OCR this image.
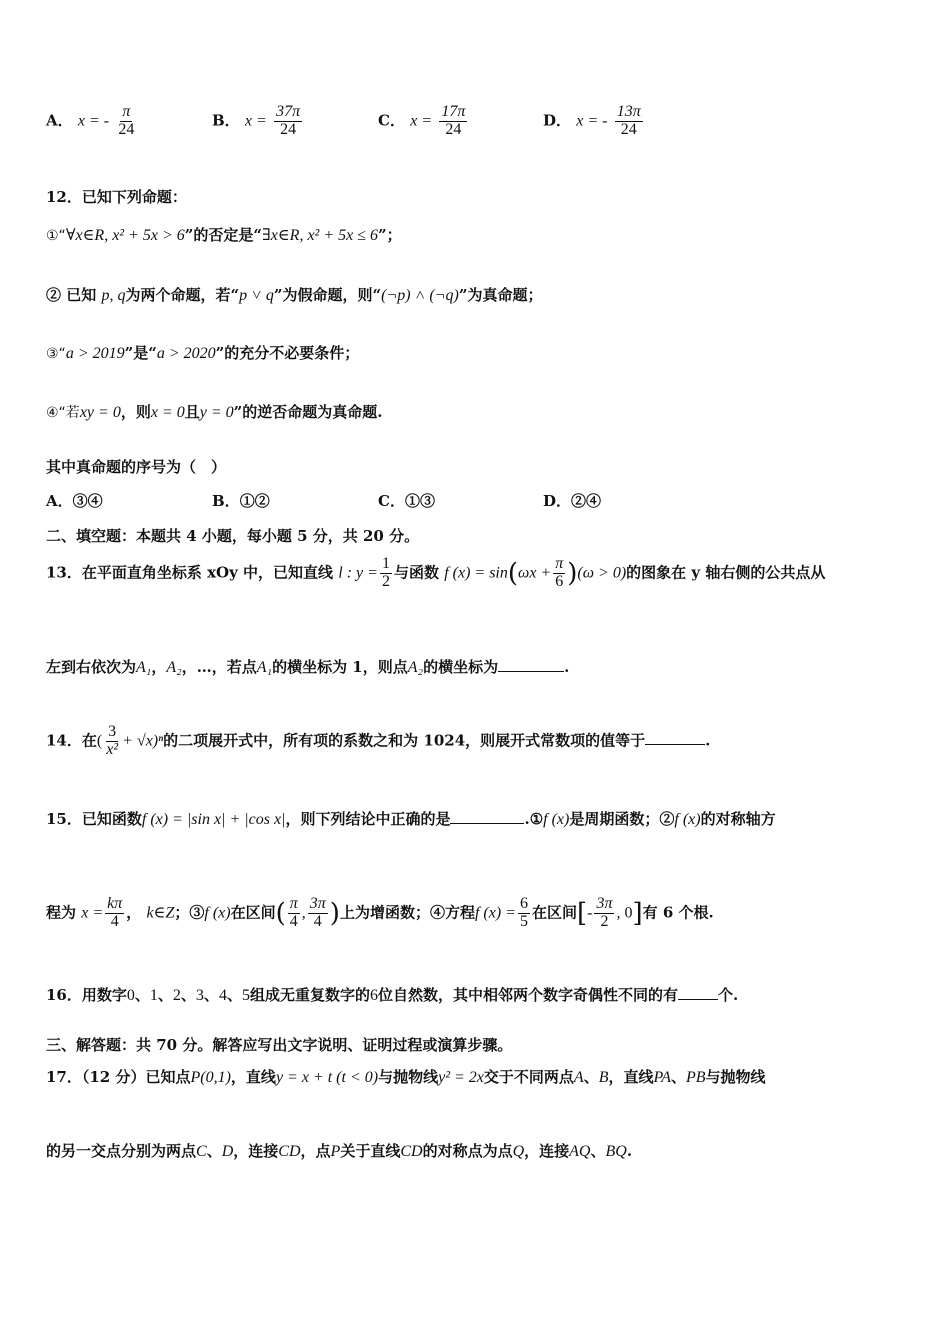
A． x = - $\frac{\pi}{24}$	B． $x = \frac{37\pi}{24}$	C． $x = \frac{17\pi}{24}$	D． x = - $\frac{13\pi}{24}$
12．已知下列命题：
①“∀x∈R, x² + 5x > 6”的否定是“∃x∈R, x² + 5x ≤ 6”；
② 已知 p, q为两个命题，若“p ˅ q”为假命题，则“(¬p) ˄ (¬q)”为真命题；
③“a > 2019”是“a > 2020”的充分不必要条件；
④“若xy = 0，则x = 0且y = 0”的逆否命题为真命题.
其中真命题的序号为（　）
A．③④	B．①②	C．①③	D．②④
二、填空题：本题共 4 小题，每小题 5 分，共 20 分。
13．在平面直角坐标系 xOy 中，已知直线 l : $y = \frac{1}{2}$ 与函数 f $(x) = \sin(\omega x + \frac{\pi}{6} )(\omega > 0)$的图象在 y 轴右侧的公共点从
左到右依次为A₁，A₂，…，若点A₁的横坐标为 1，则点A₂的横坐标为	.
14．在( $\frac{3}{\text{x²}} + √x)^n$的二项展开式中，所有项的系数之和为 1024，则展开式常数项的值等于	.
15．已知函数f (x) = |sin x| + |cos x|，则下列结论中正确的是	.①f (x)是周期函数；②f (x)的对称轴方
程为 $x = \frac{k\pi}{4}$ ， k∈Z；③f (x)在区间( $\frac{\pi}{4}$ , $\frac{3\pi}{4}$ )上为增函数；④方程f $(x) = \frac{6}{5}$ 在区间[- $\frac{3\pi}{2}$ , 0]有 6 个根.
16．用数字0、1、2、3、4、5组成无重复数字的6位自然数，其中相邻两个数字奇偶性不同的有	个.
三、解答题：共 70 分。解答应写出文字说明、证明过程或演算步骤。
17．（12 分）已知点P(0,1)，直线y = x + t (t < 0)与抛物线y² = 2x交于不同两点A、B，直线PA、PB与抛物线
的另一交点分别为两点C、D，连接CD，点P关于直线CD的对称点为点Q，连接AQ、BQ.
